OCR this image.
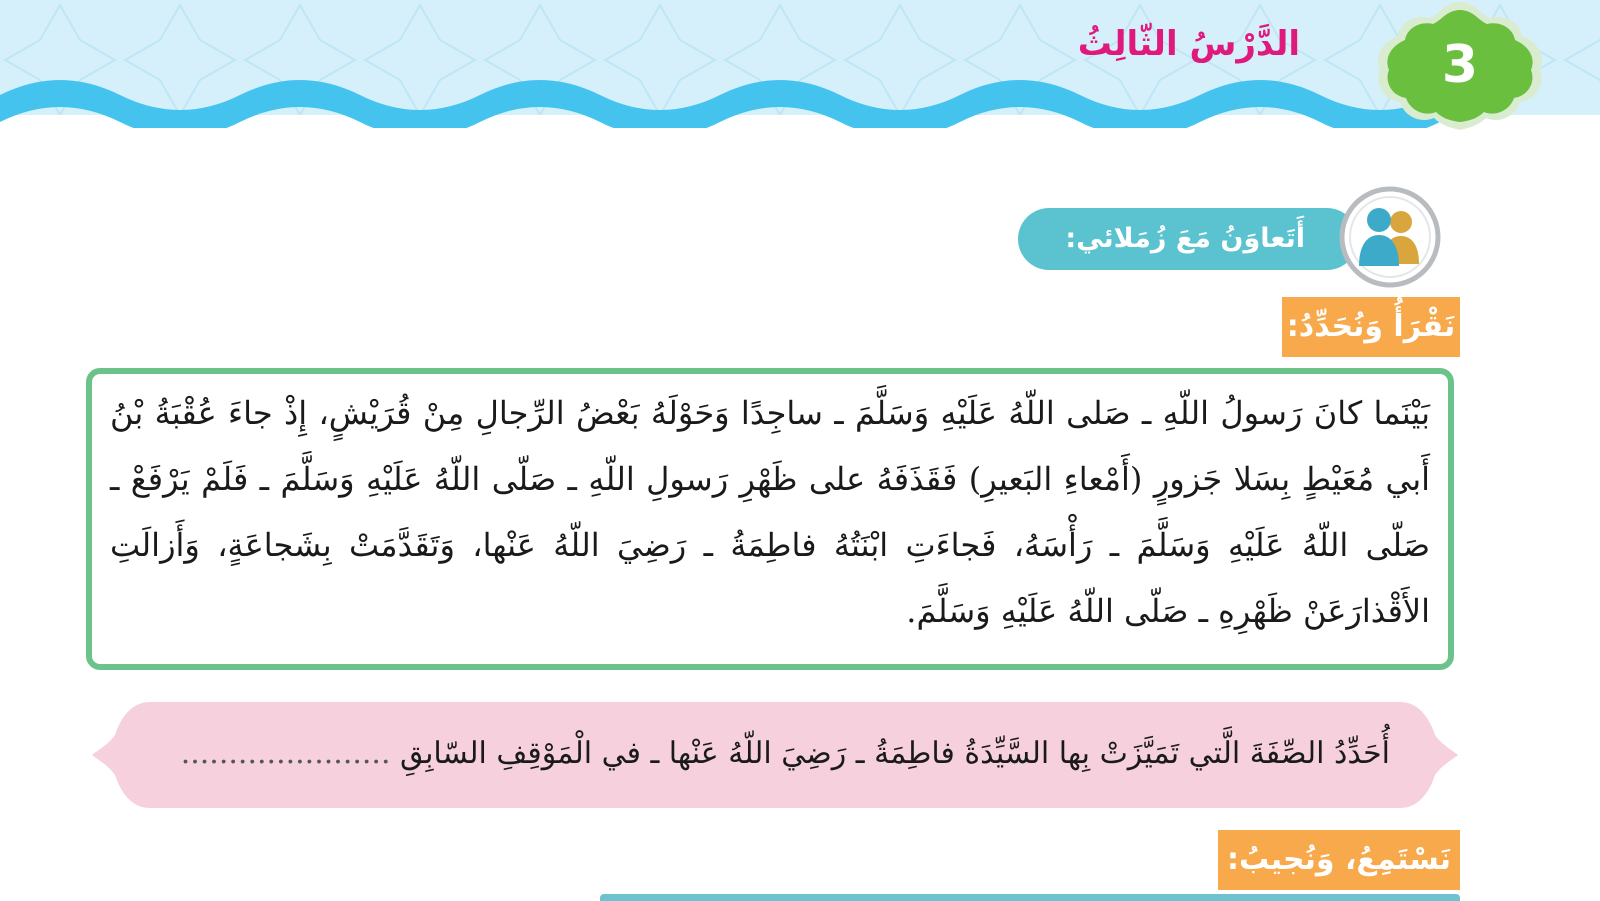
3
الدَّرْسُ الثّالِثُ
أَتَعاوَنُ مَعَ زُمَلائي:
نَقْرَأُ وَنُحَدِّدُ:
بَيْنَما كانَ رَسولُ اللّهِ ـ صَلى اللّهُ عَلَيْهِ وَسَلَّمَ ـ ساجِدًا وَحَوْلَهُ بَعْضُ الرِّجالِ مِنْ قُرَيْشٍ، إِذْ جاءَ عُقْبَةُ بْنُ أَبي مُعَيْطٍ بِسَلا جَزورٍ (أَمْعاءِ البَعيرِ) فَقَذَفَهُ على ظَهْرِ رَسولِ اللّهِ ـ صَلّى اللّهُ عَلَيْهِ وَسَلَّمَ ـ فَلَمْ يَرْفَعْ ـ صَلّى اللّهُ عَلَيْهِ وَسَلَّمَ ـ رَأْسَهُ، فَجاءَتِ ابْنَتُهُ فاطِمَةُ ـ رَضِيَ اللّهُ عَنْها، وَتَقَدَّمَتْ بِشَجاعَةٍ، وَأَزالَتِ الأَقْذارَعَنْ ظَهْرِهِ ـ صَلّى اللّهُ عَلَيْهِ وَسَلَّمَ.
أُحَدِّدُ الصِّفَةَ الَّتي تَمَيَّزَتْ بِها السَّيِّدَةُ فاطِمَةُ ـ رَضِيَ اللّهُ عَنْها ـ في الْمَوْقِفِ السّابِقِ ......................
نَسْتَمِعُ، وَنُجيبُ:
